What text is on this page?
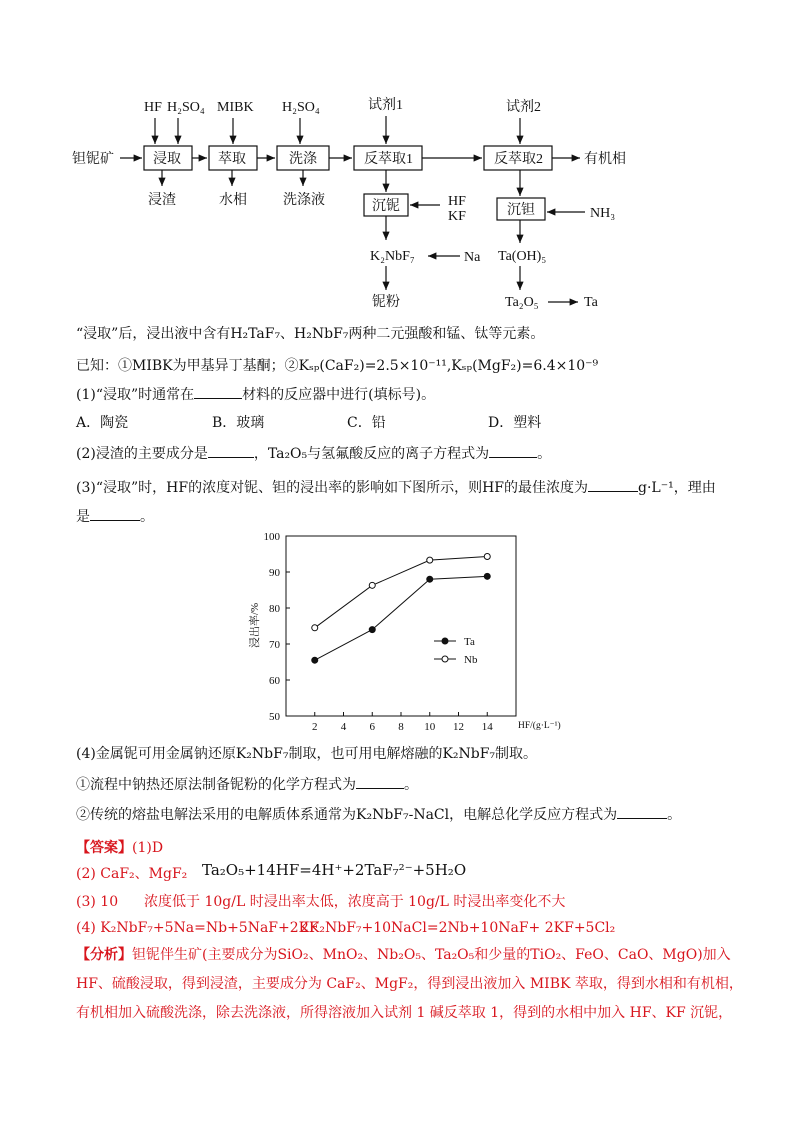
钽铌矿
HF H₂SO₄ MIBK H₂SO₄	试剂1	试剂2
浸取	萃取	洗涤	反萃取1	反萃取2
沉铌	沉钽
浸渣	水相	洗涤液
有机相
HF
KF	NH₃
K₂NbF₇	Na
铌粉
Ta(OH)₅
Ta₂O₅	Ta
“浸取”后，浸出液中含有H₂TaF₇、H₂NbF₇两种二元强酸和锰、钛等元素。
已知：①MIBK为甲基异丁基酮；②Kₛₚ(CaF₂)=2.5×10⁻¹¹,Kₛₚ(MgF₂)=6.4×10⁻⁹
(1)“浸取”时通常在	材料的反应器中进行(填标号)。
A．陶瓷	B．玻璃	C．铅	D．塑料
(2)浸渣的主要成分是	，Ta₂O₅与氢氟酸反应的离子方程式为	。
(3)“浸取”时，HF的浓度对铌、钽的浸出率的影响如下图所示，则HF的最佳浓度为	g·L⁻¹，理由
是	。
50
60
70
80
90
100
2 4 6 8 10 12 14	HF/(g·L⁻¹)
浸出率/%	Ta
Nb
(4)金属铌可用金属钠还原K₂NbF₇制取，也可用电解熔融的K₂NbF₇制取。
①流程中钠热还原法制备铌粉的化学方程式为	。
②传统的熔盐电解法采用的电解质体系通常为K₂NbF₇-NaCl，电解总化学反应方程式为	。
【答案】(1)D
(2) CaF₂、MgF₂ Ta₂O₅+14HF=4H⁺+2TaF₇²⁻+5H₂O
(3) 10 浓度低于 10g/L 时浸出率太低，浓度高于 10g/L 时浸出率变化不大
(4) K₂NbF₇+5Na=Nb+5NaF+2KF
2K₂NbF₇+10NaCl=2Nb+10NaF+ 2KF+5Cl₂
【分析】钽铌伴生矿(主要成分为SiO₂、MnO₂、Nb₂O₅、Ta₂O₅和少量的TiO₂、FeO、CaO、MgO)加入
HF、硫酸浸取，得到浸渣，主要成分为 CaF₂、MgF₂，得到浸出液加入 MIBK 萃取，得到水相和有机相，
有机相加入硫酸洗涤，除去洗涤液，所得溶液加入试剂 1 碱反萃取 1，得到的水相中加入 HF、KF 沉铌，
